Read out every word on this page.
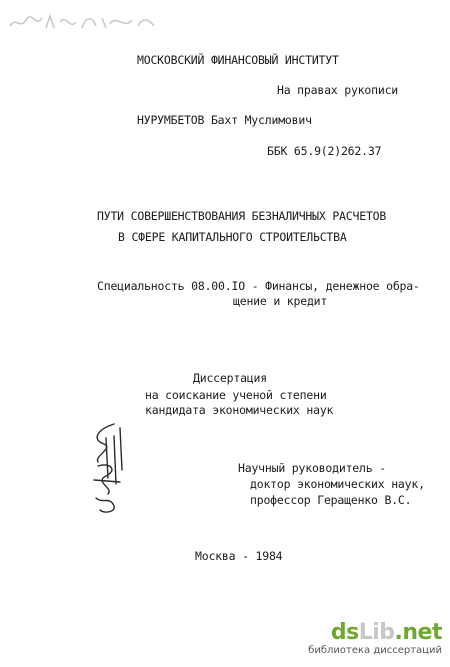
МОСКОВСКИЙ ФИНАНСОВЫЙ ИНСТИТУТ
На правах рукописи
НУРУМБЕТОВ Бахт Муслимович
ББК 65.9(2)262.37
ПУТИ СОВЕРШЕНСТВОВАНИЯ БЕЗНАЛИЧНЫХ РАСЧЕТОВ
В СФЕРЕ КАПИТАЛЬНОГО СТРОИТЕЛЬСТВА
Специальность 08.00.IO - Финансы, денежное обра-
щение и кредит
Диссертация
на соискание ученой степени
кандидата экономических наук
Научный руководитель -
доктор экономических наук,
профессор Геращенко В.С.
Москва - 1984
dsLib.net
библиотека диссертаций
